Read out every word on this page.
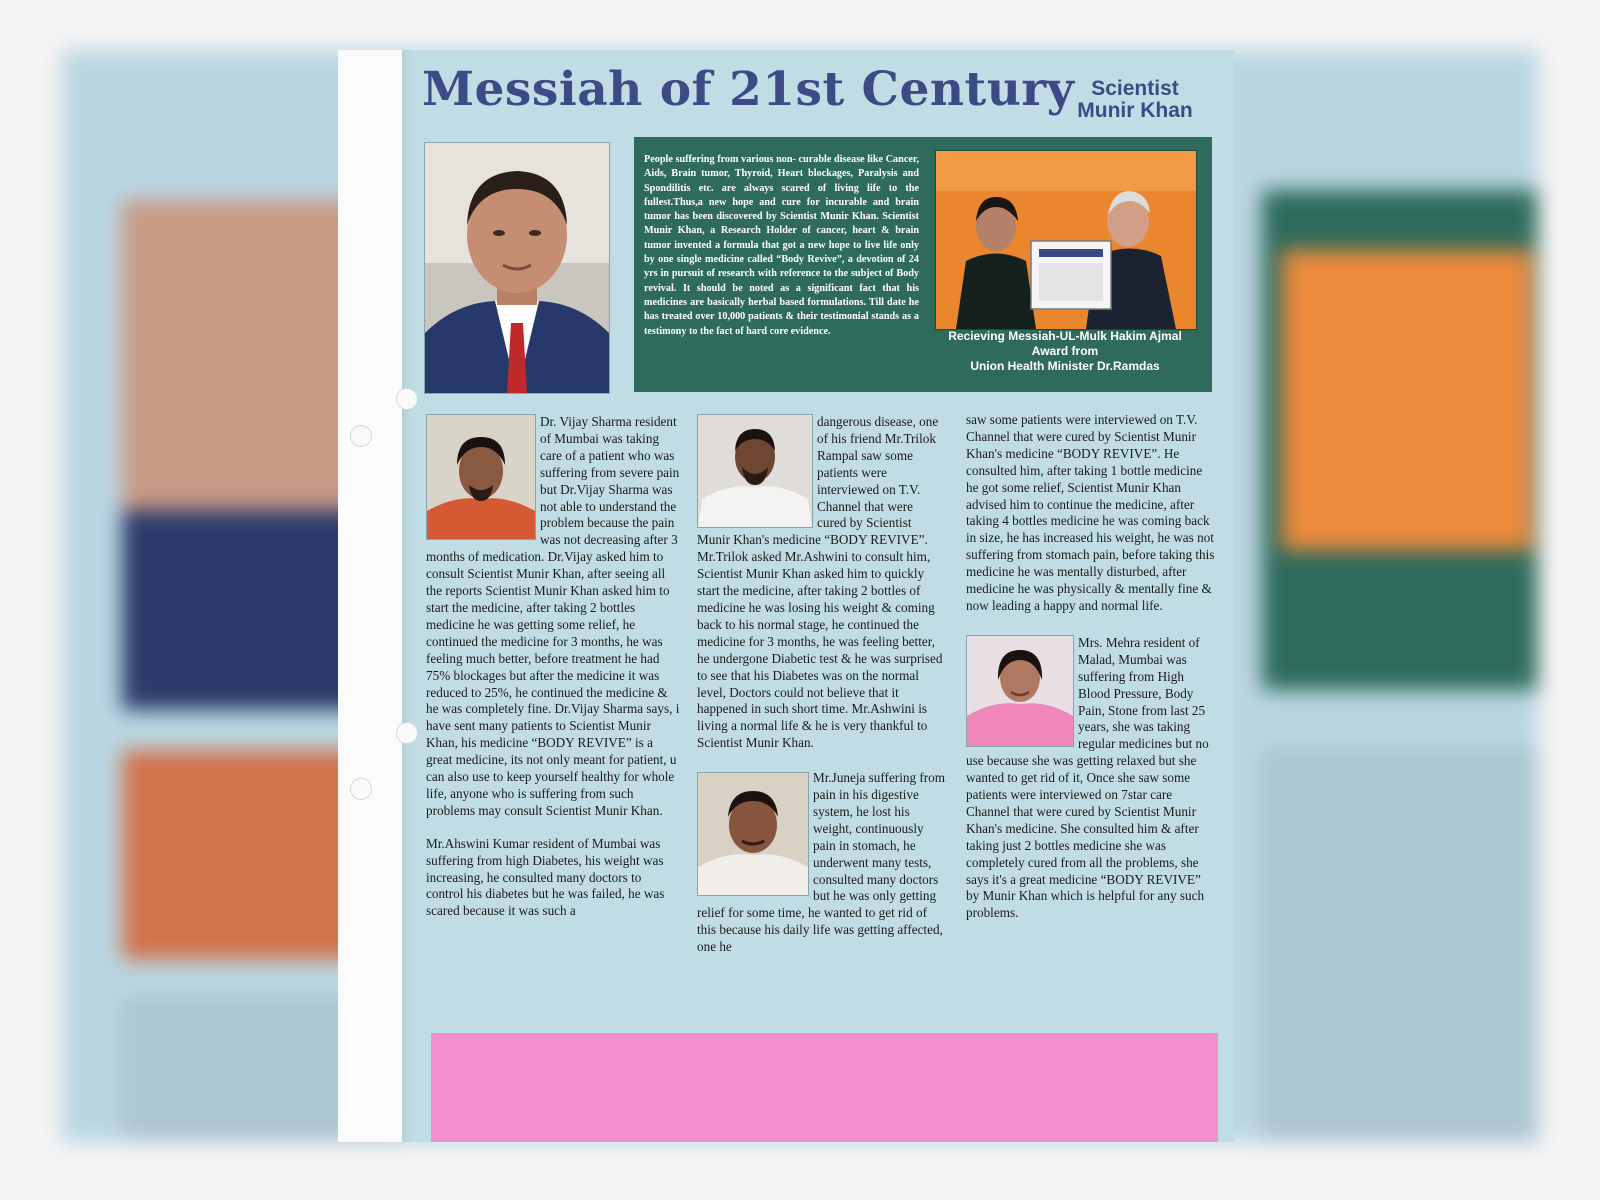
Messiah of 21st Century Scientist
Munir Khan

People suffering from various non- curable disease like Cancer, Aids, Brain tumor, Thyroid, Heart blockages, Paralysis and Spondilitis etc. are always scared of living life to the fullest.Thus,a new hope and cure for incurable and brain tumor has been discovered by Scientist Munir Khan. Scientist Munir Khan, a Research Holder of cancer, heart & brain tumor invented a formula that got a new hope to live life only by one single medicine called “Body Revive”, a devotion of 24 yrs in pursuit of research with reference to the subject of Body revival. It should be noted as a significant fact that his medicines are basically herbal based formulations. Till date he has treated over 10,000 patients & their testimonial stands as a testimony to the fact of hard core evidence.	Recieving Messiah-UL-Mulk Hakim Ajmal
Award from
Union Health Minister Dr.Ramdas

Dr. Vijay Sharma resident of Mumbai was taking care of a patient who was suffering from severe pain but Dr.Vijay Sharma was not able to understand the problem because the pain was not decreasing after 3 months of medication. Dr.Vijay asked him to consult Scientist Munir Khan, after seeing all the reports Scientist Munir Khan asked him to start the medicine, after taking 2 bottles medicine he was getting some relief, he continued the medicine for 3 months, he was feeling much better, before treatment he had 75% blockages but after the medicine it was reduced to 25%, he continued the medicine & he was completely fine. Dr.Vijay Sharma says, i have sent many patients to Scientist Munir Khan, his medicine “BODY REVIVE” is a great medicine, its not only meant for patient, u can also use to keep yourself healthy for whole life, anyone who is suffering from such problems may consult Scientist Munir Khan.

Mr.Ahswini Kumar resident of Mumbai was suffering from high Diabetes, his weight was increasing, he consulted many doctors to control his diabetes but he was failed, he was scared because it was such a

dangerous disease, one of his friend Mr.Trilok Rampal saw some patients were interviewed on T.V. Channel that were cured by Scientist Munir Khan's medicine “BODY REVIVE”. Mr.Trilok asked Mr.Ashwini to consult him, Scientist Munir Khan asked him to quickly start the medicine, after taking 2 bottles of medicine he was losing his weight & coming back to his normal stage, he continued the medicine for 3 months, he was feeling better, he undergone Diabetic test & he was surprised to see that his Diabetes was on the normal level, Doctors could not believe that it happened in such short time. Mr.Ashwini is living a normal life & he is very thankful to Scientist Munir Khan.

Mr.Juneja suffering from pain in his digestive system, he lost his weight, continuously pain in stomach, he underwent many tests, consulted many doctors but he was only getting relief for some time, he wanted to get rid of this because his daily life was getting affected, one he

saw some patients were interviewed on T.V. Channel that were cured by Scientist Munir Khan's medicine “BODY REVIVE”. He consulted him, after taking 1 bottle medicine he got some relief, Scientist Munir Khan advised him to continue the medicine, after taking 4 bottles medicine he was coming back in size, he has increased his weight, he was not suffering from stomach pain, before taking this medicine he was mentally disturbed, after medicine he was physically & mentally fine & now leading a happy and normal life.

Mrs. Mehra resident of Malad, Mumbai was suffering from High Blood Pressure, Body Pain, Stone from last 25 years, she was taking regular medicines but no use because she was getting relaxed but she wanted to get rid of it, Once she saw some patients were interviewed on 7star care Channel that were cured by Scientist Munir Khan's medicine. She consulted him & after taking just 2 bottles medicine she was completely cured from all the problems, she says it's a great medicine “BODY REVIVE” by Munir Khan which is helpful for any such problems.
